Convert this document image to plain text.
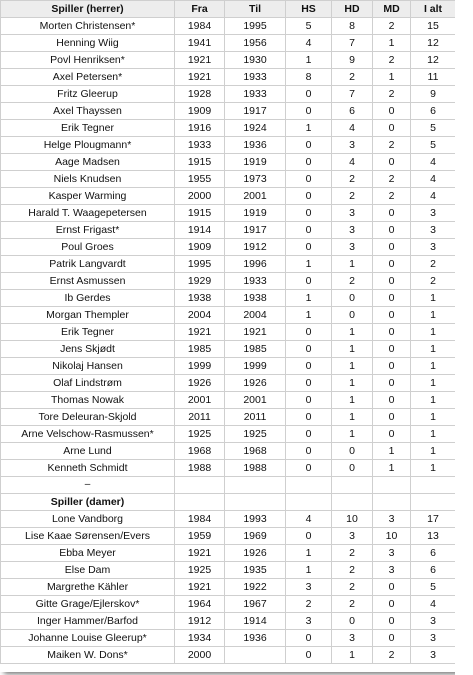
Spiller (herrer)	Fra	Til	HS	HD	MD	I alt
Morten Christensen*	1984	1995	5	8	2	15
Henning Wiig	1941	1956	4	7	1	12
Povl Henriksen*	1921	1930	1	9	2	12
Axel Petersen*	1921	1933	8	2	1	11
Fritz Gleerup	1928	1933	0	7	2	9
Axel Thayssen	1909	1917	0	6	0	6
Erik Tegner	1916	1924	1	4	0	5
Helge Plougmann*	1933	1936	0	3	2	5
Aage Madsen	1915	1919	0	4	0	4
Niels Knudsen	1955	1973	0	2	2	4
Kasper Warming	2000	2001	0	2	2	4
Harald T. Waagepetersen	1915	1919	0	3	0	3
Ernst Frigast*	1914	1917	0	3	0	3
Poul Groes	1909	1912	0	3	0	3
Patrik Langvardt	1995	1996	1	1	0	2
Ernst Asmussen	1929	1933	0	2	0	2
Ib Gerdes	1938	1938	1	0	0	1
Morgan Thempler	2004	2004	1	0	0	1
Erik Tegner	1921	1921	0	1	0	1
Jens Skjødt	1985	1985	0	1	0	1
Nikolaj Hansen	1999	1999	0	1	0	1
Olaf Lindstrøm	1926	1926	0	1	0	1
Thomas Nowak	2001	2001	0	1	0	1
Tore Deleuran-Skjold	2011	2011	0	1	0	1
Arne Velschow-Rasmussen*	1925	1925	0	1	0	1
Arne Lund	1968	1968	0	0	1	1
Kenneth Schmidt	1988	1988	0	0	1	1
–						
Spiller (damer)						
Lone Vandborg	1984	1993	4	10	3	17
Lise Kaae Sørensen/Evers	1959	1969	0	3	10	13
Ebba Meyer	1921	1926	1	2	3	6
Else Dam	1925	1935	1	2	3	6
Margrethe Kähler	1921	1922	3	2	0	5
Gitte Grage/Ejlerskov*	1964	1967	2	2	0	4
Inger Hammer/Barfod	1912	1914	3	0	0	3
Johanne Louise Gleerup*	1934	1936	0	3	0	3
Maiken W. Dons*	2000		0	1	2	3
